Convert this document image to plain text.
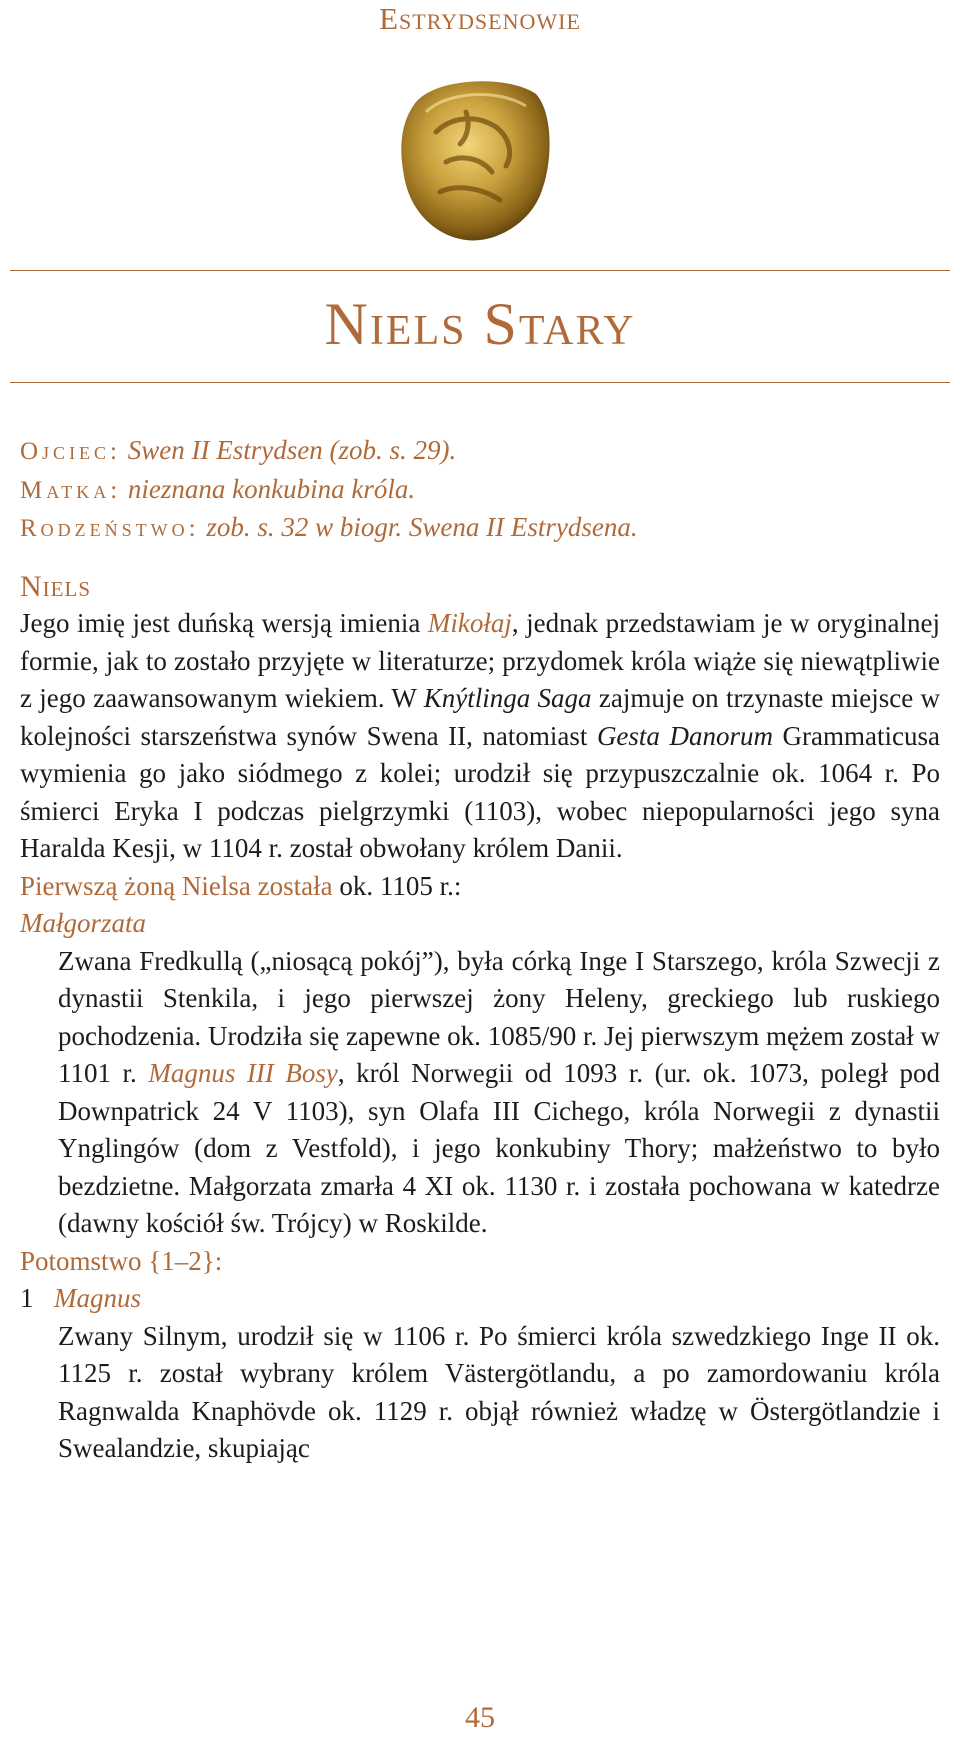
Estrydsenowie
Niels Stary
Ojciec: Swen II Estrydsen (zob. s. 29).
Matka: nieznana konkubina króla.
Rodzeństwo: zob. s. 32 w biogr. Swena II Estrydsena.
Niels
Jego imię jest duńską wersją imienia Mikołaj, jednak przedstawiam je w oryginalnej formie, jak to zostało przyjęte w literaturze; przydomek króla wiąże się niewątpliwie z jego zaawansowanym wiekiem. W Knýtlinga Saga zajmuje on trzynaste miejsce w kolejności starszeństwa synów Swena II, natomiast Gesta Danorum Grammaticusa wymienia go jako siódmego z kolei; urodził się przypuszczalnie ok. 1064 r. Po śmierci Eryka I podczas pielgrzymki (1103), wobec niepopularności jego syna Haralda Kesji, w 1104 r. został obwołany królem Danii.
Pierwszą żoną Nielsa została ok. 1105 r.:
Małgorzata
Zwana Fredkullą („niosącą pokój”), była córką Inge I Starszego, króla Szwecji z dynastii Stenkila, i jego pierwszej żony Heleny, greckiego lub ruskiego pochodzenia. Urodziła się zapewne ok. 1085/90 r. Jej pierwszym mężem został w 1101 r. Magnus III Bosy, król Norwegii od 1093 r. (ur. ok. 1073, poległ pod Downpatrick 24 V 1103), syn Olafa III Cichego, króla Norwegii z dynastii Ynglingów (dom z Vestfold), i jego konkubiny Thory; małżeństwo to było bezdzietne. Małgorzata zmarła 4 XI ok. 1130 r. i została pochowana w katedrze (dawny kościół św. Trójcy) w Roskilde.
Potomstwo {1–2}:
1 Magnus
Zwany Silnym, urodził się w 1106 r. Po śmierci króla szwedzkiego Inge II ok. 1125 r. został wybrany królem Västergötlandu, a po zamordowaniu króla Ragnwalda Knaphövde ok. 1129 r. objął również władzę w Östergötlandzie i Swealandzie, skupiając
45
